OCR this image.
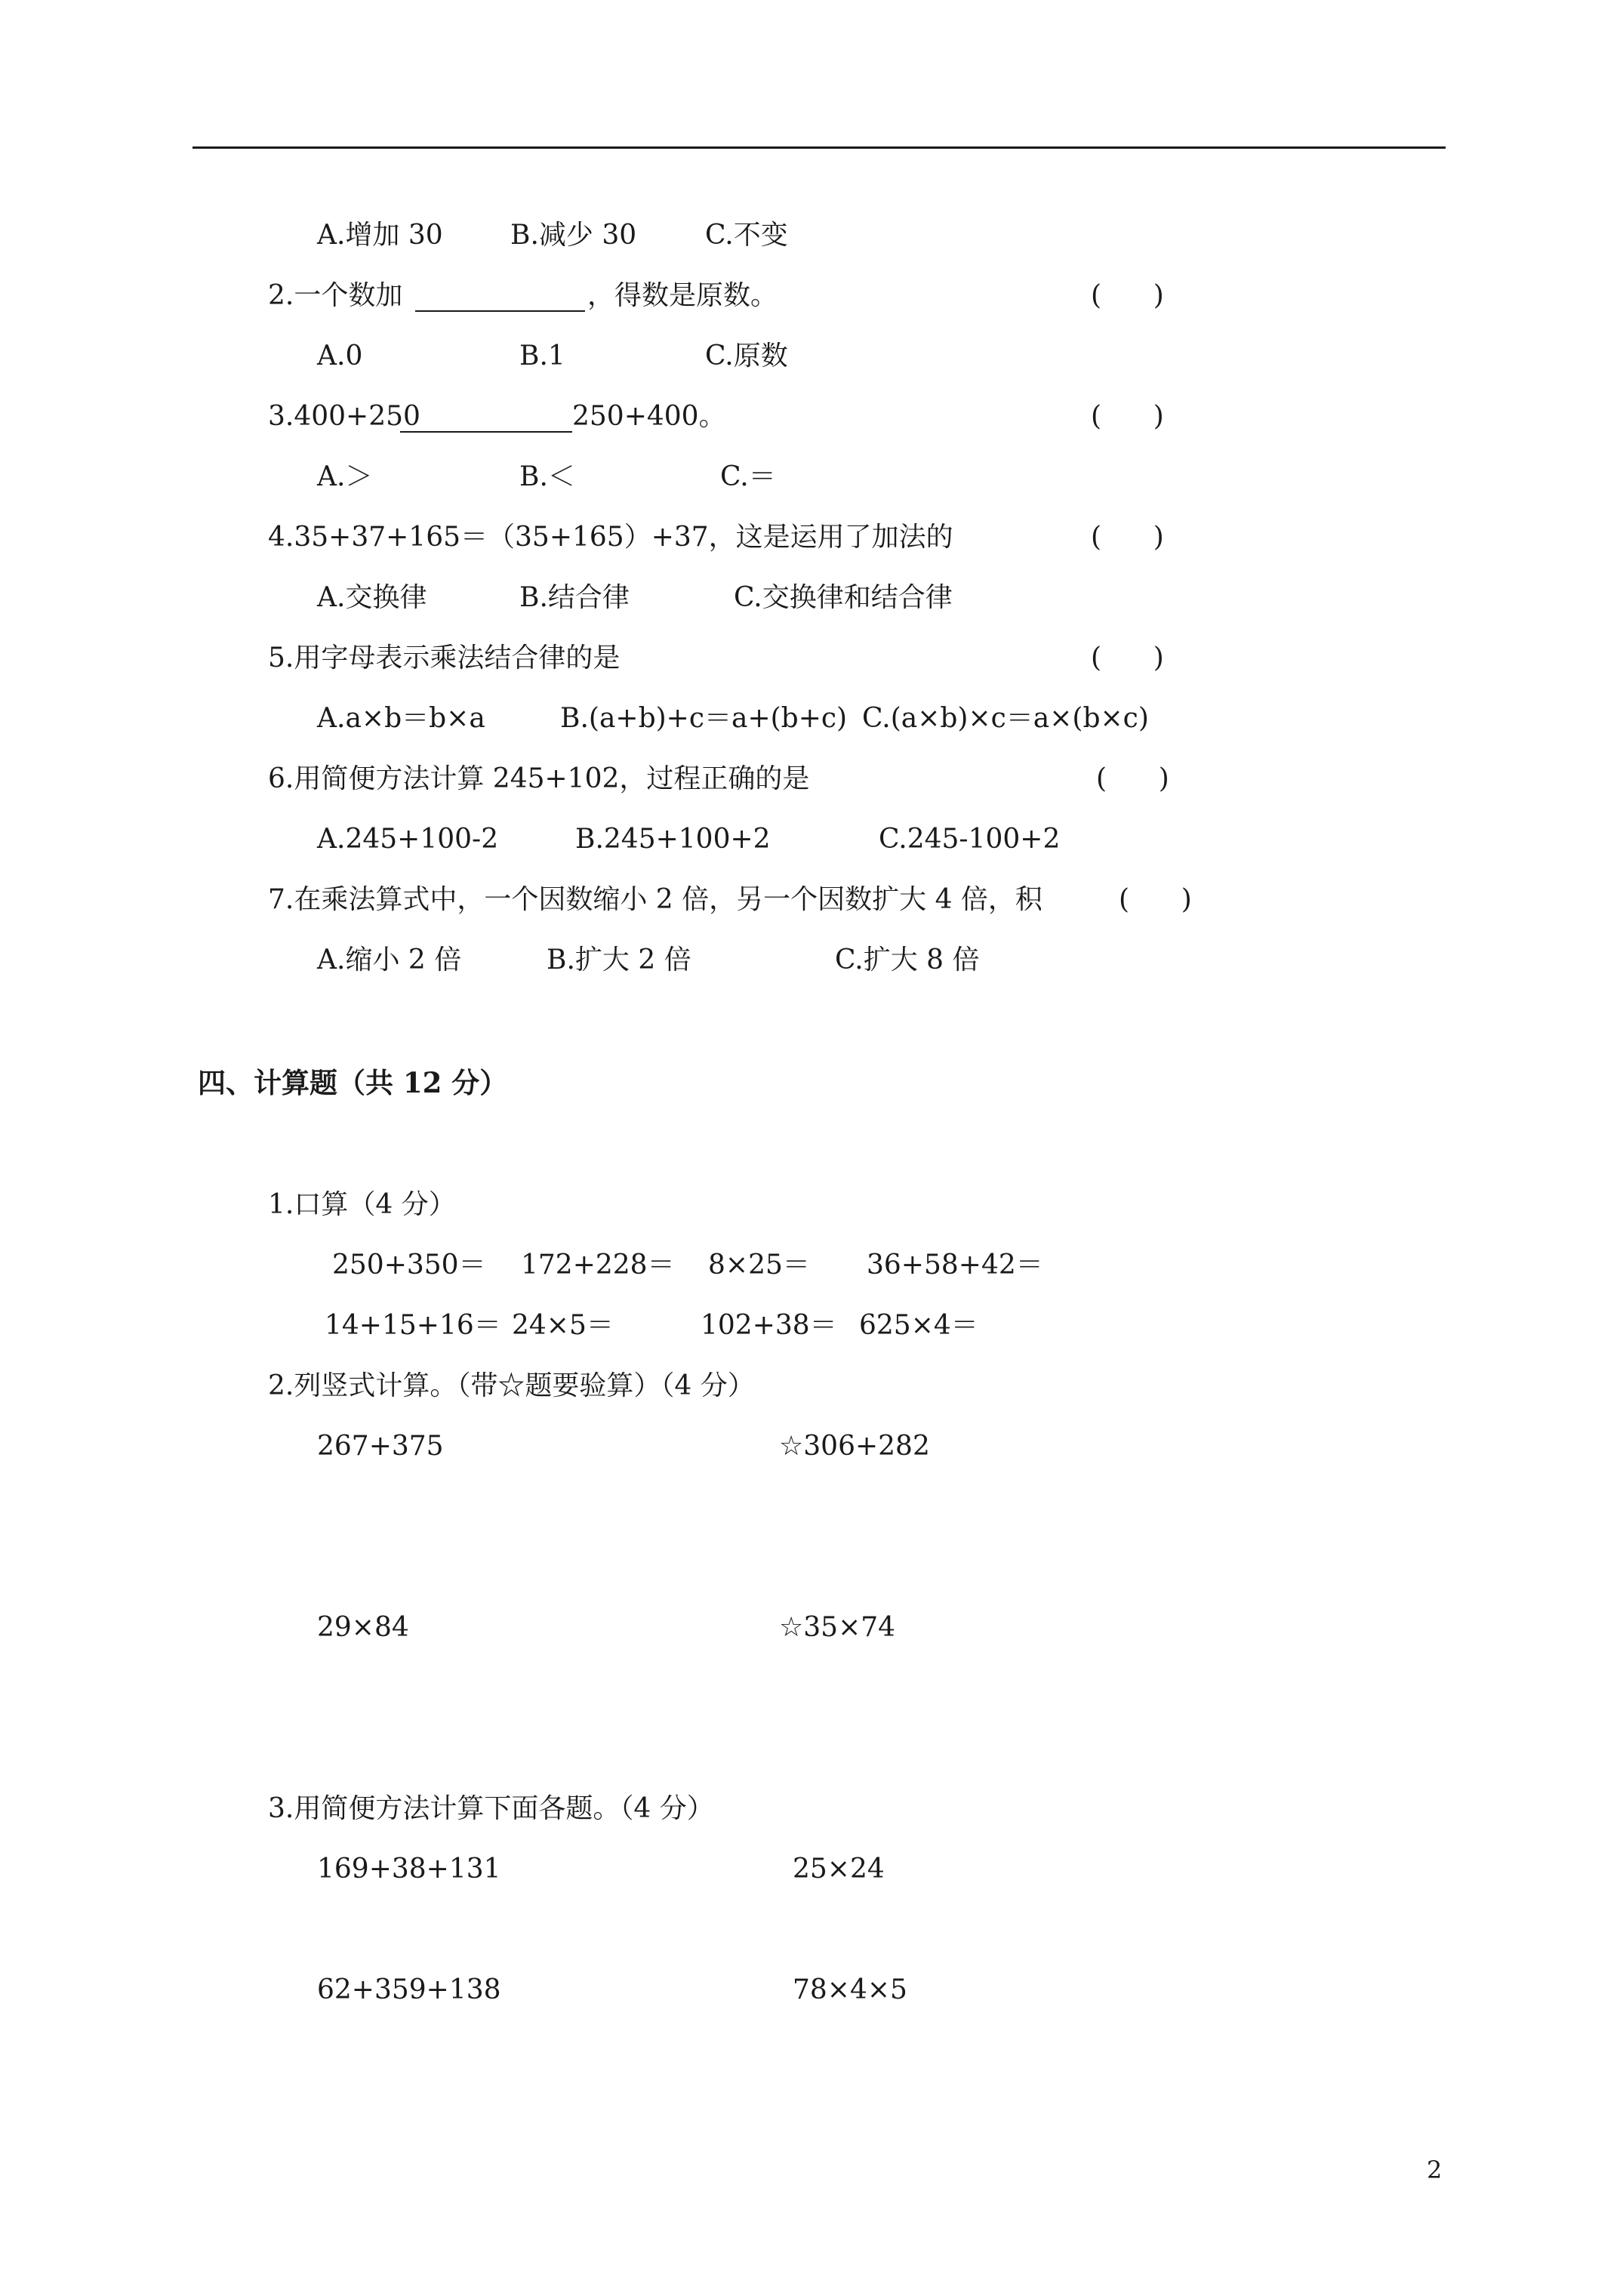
A.增加 30 B.减少 30	C.不变
2.一个数加	，得数是原数。	(      )
A.0	B.1	C.原数
3.400+250	250+400。	(      )
A.＞	B.＜	C.＝
4.35+37+165＝（35+165）+37，这是运用了加法的	(      )
A.交换律	B.结合律	C.交换律和结合律
5.用字母表示乘法结合律的是	(      )
A.a×b＝b×a	B.(a+b)+c＝a+(b+c) C.(a×b)×c＝a×(b×c)
6.用简便方法计算 245+102，过程正确的是	(      )
A.245+100-2	B.245+100+2	C.245-100+2
7.在乘法算式中，一个因数缩小 2 倍，另一个因数扩大 4 倍，积	(      )
A.缩小 2 倍	B.扩大 2 倍	C.扩大 8 倍
四、计算题（共 12 分）
1.口算（4 分）
250+350＝ 172+228＝ 8×25＝ 36+58+42＝
14+15+16＝ 24×5＝	102+38＝ 625×4＝
2.列竖式计算。（带☆题要验算）（4 分）
267+375	☆306+282
29×84	☆35×74
3.用简便方法计算下面各题。（4 分）
169+38+131	25×24
62+359+138	78×4×5
2
